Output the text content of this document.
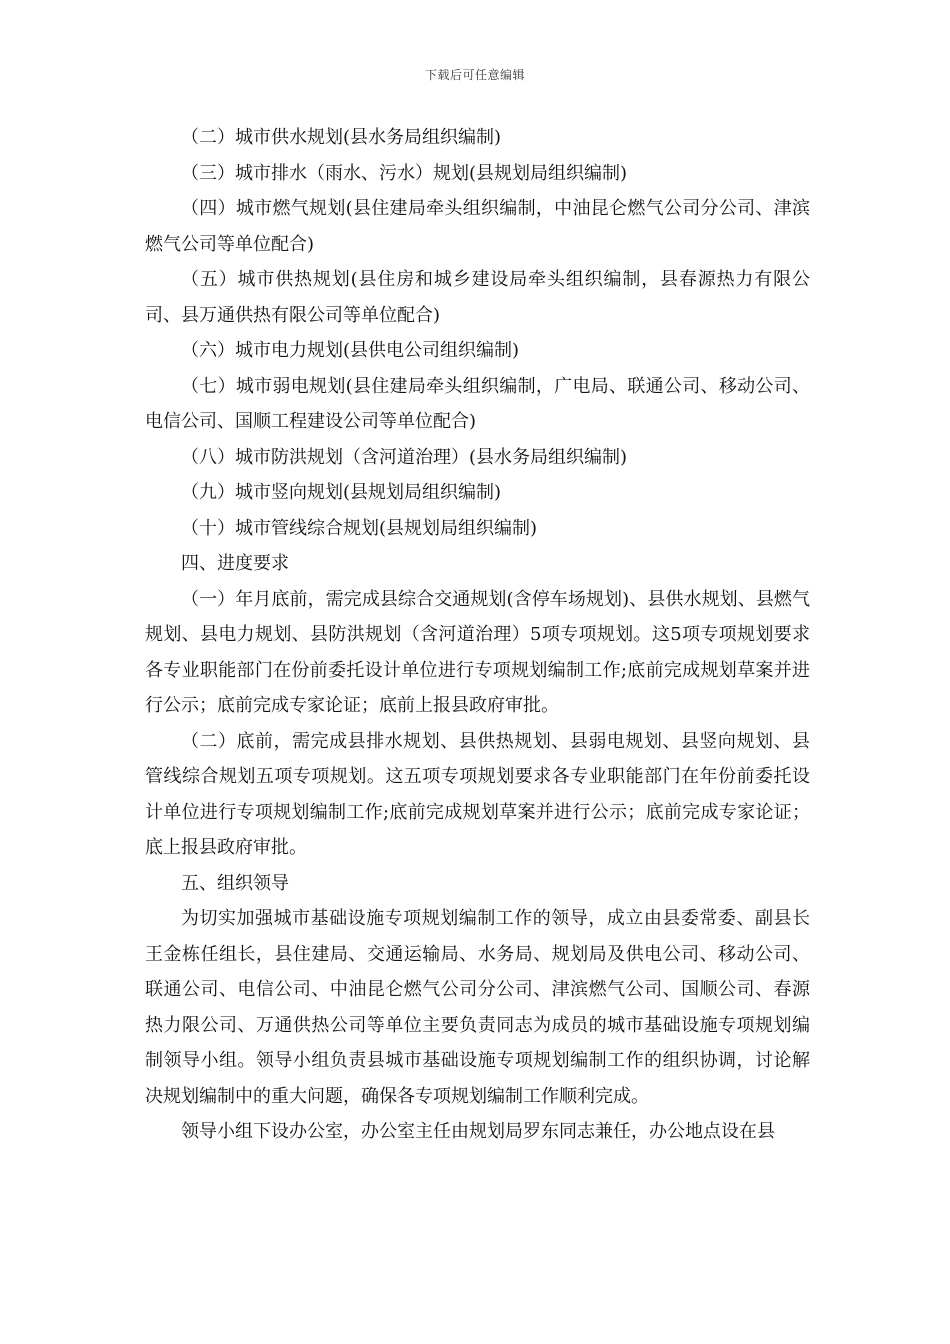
下载后可任意编辑

（二）城市供水规划(县水务局组织编制)

（三）城市排水（雨水、污水）规划(县规划局组织编制)

（四）城市燃气规划(县住建局牵头组织编制，中油昆仑燃气公司分公司、津滨燃气公司等单位配合)

（五）城市供热规划(县住房和城乡建设局牵头组织编制，县春源热力有限公司、县万通供热有限公司等单位配合)

（六）城市电力规划(县供电公司组织编制)

（七）城市弱电规划(县住建局牵头组织编制，广电局、联通公司、移动公司、电信公司、国顺工程建设公司等单位配合)

（八）城市防洪规划（含河道治理）(县水务局组织编制)

（九）城市竖向规划(县规划局组织编制)

（十）城市管线综合规划(县规划局组织编制)

四、进度要求

（一）年月底前，需完成县综合交通规划(含停车场规划)、县供水规划、县燃气规划、县电力规划、县防洪规划（含河道治理）5项专项规划。这5项专项规划要求各专业职能部门在份前委托设计单位进行专项规划编制工作;底前完成规划草案并进行公示；底前完成专家论证；底前上报县政府审批。

（二）底前，需完成县排水规划、县供热规划、县弱电规划、县竖向规划、县管线综合规划五项专项规划。这五项专项规划要求各专业职能部门在年份前委托设计单位进行专项规划编制工作;底前完成规划草案并进行公示；底前完成专家论证；底上报县政府审批。

五、组织领导

为切实加强城市基础设施专项规划编制工作的领导，成立由县委常委、副县长王金栋任组长，县住建局、交通运输局、水务局、规划局及供电公司、移动公司、联通公司、电信公司、中油昆仑燃气公司分公司、津滨燃气公司、国顺公司、春源热力限公司、万通供热公司等单位主要负责同志为成员的城市基础设施专项规划编制领导小组。领导小组负责县城市基础设施专项规划编制工作的组织协调，讨论解决规划编制中的重大问题，确保各专项规划编制工作顺利完成。

领导小组下设办公室，办公室主任由规划局罗东同志兼任，办公地点设在县
